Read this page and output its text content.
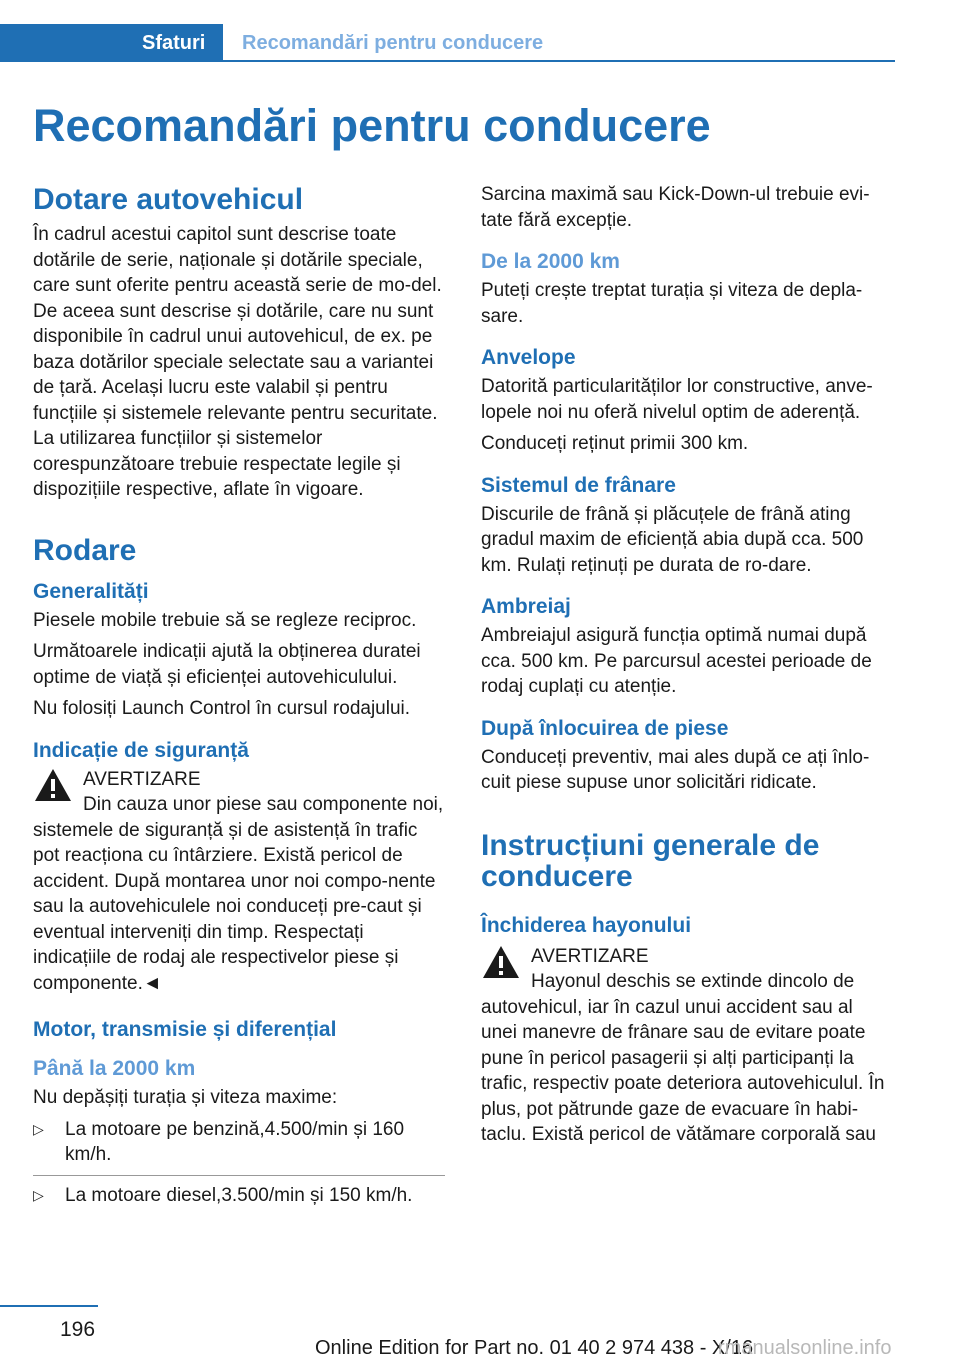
Sfaturi Recomandări pentru conducere
Recomandări pentru conducere
Dotare autovehicul

În cadrul acestui capitol sunt descrise toate dotările de serie, naționale și dotările speciale, care sunt oferite pentru această serie de mo-del. De aceea sunt descrise și dotările, care nu sunt disponibile în cadrul unui autovehicul, de ex. pe baza dotărilor speciale selectate sau a variantei de țară. Același lucru este valabil și pentru funcțiile și sistemele relevante pentru securitate. La utilizarea funcțiilor și sistemelor corespunzătoare trebuie respectate legile și dispozițiile respective, aflate în vigoare.

Rodare
Generalități

Piesele mobile trebuie să se regleze reciproc.

Următoarele indicații ajută la obținerea duratei optime de viață și eficienței autovehiculului.

Nu folosiți Launch Control în cursul rodajului.

Indicație de siguranță

AVERTIZARE

Din cauza unor piese sau componente noi, sistemele de siguranță și de asistență în trafic pot reacționa cu întârziere. Există pericol de accident. După montarea unor noi compo-nente sau la autovehiculele noi conduceți pre-caut și eventual interveniți din timp. Respectați indicațiile de rodaj ale respectivelor piese și componente.◄

Motor, transmisie și diferențial
Până la 2000 km

Nu depășiți turația și viteza maxime:

▷ La motoare pe benzină,4.500/min și 160 km/h.
▷ La motoare diesel,3.500/min și 150 km/h.

Sarcina maximă sau Kick-Down-ul trebuie evi-tate fără excepție.

De la 2000 km

Puteți crește treptat turația și viteza de depla-sare.

Anvelope

Datorită particularităților lor constructive, anve-lopele noi nu oferă nivelul optim de aderență.

Conduceți reținut primii 300 km.

Sistemul de frânare

Discurile de frână și plăcuțele de frână ating gradul maxim de eficiență abia după cca. 500 km. Rulați reținuți pe durata de ro-dare.

Ambreiaj

Ambreiajul asigură funcția optimă numai după cca. 500 km. Pe parcursul acestei perioade de rodaj cuplați cu atenție.

După înlocuirea de piese

Conduceți preventiv, mai ales după ce ați înlo-cuit piese supuse unor solicitări ridicate.

Instrucțiuni generale de conducere
Închiderea hayonului

AVERTIZARE

Hayonul deschis se extinde dincolo de autovehicul, iar în cazul unui accident sau al unei manevre de frânare sau de evitare poate pune în pericol pasagerii și alți participanți la trafic, respectiv poate deteriora autovehiculul. În plus, pot pătrunde gaze de evacuare în habi-taclu. Există pericol de vătămare corporală sau

196
Online Edition for Part no. 01 40 2 974 438 - X/16
rmanualsonline.info
